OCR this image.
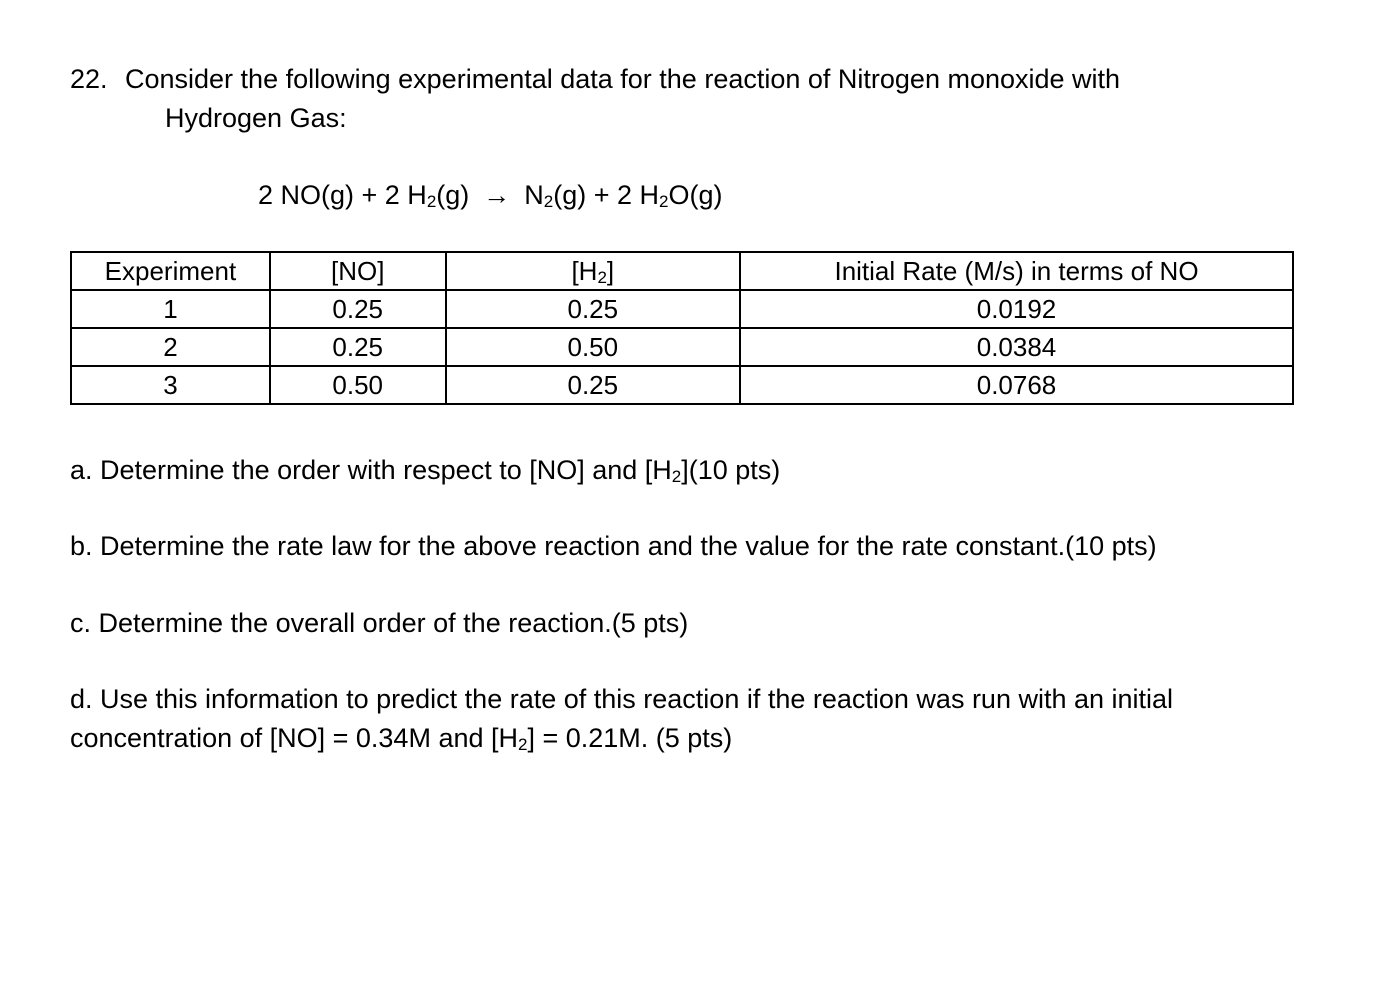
22. Consider the following experimental data for the reaction of Nitrogen monoxide with

Hydrogen Gas:

2 NO(g) + 2 $H_2(g) \to N_2(g) + 2$ $H_2O(g)$

Experiment	[NO]	[H2]	Initial Rate (M/s) in terms of NO
1	0.25	0.25	0.0192
2	0.25	0.50	0.0384
3	0.50	0.25	0.0768

a. Determine the order with respect to [NO] and [H2](10 pts)

b. Determine the rate law for the above reaction and the value for the rate constant.(10 pts)

c. Determine the overall order of the reaction.(5 pts)

d. Use this information to predict the rate of this reaction if the reaction was run with an initial

concentration of [NO] = 0.34M and [H2] = 0.21M. (5 pts)
